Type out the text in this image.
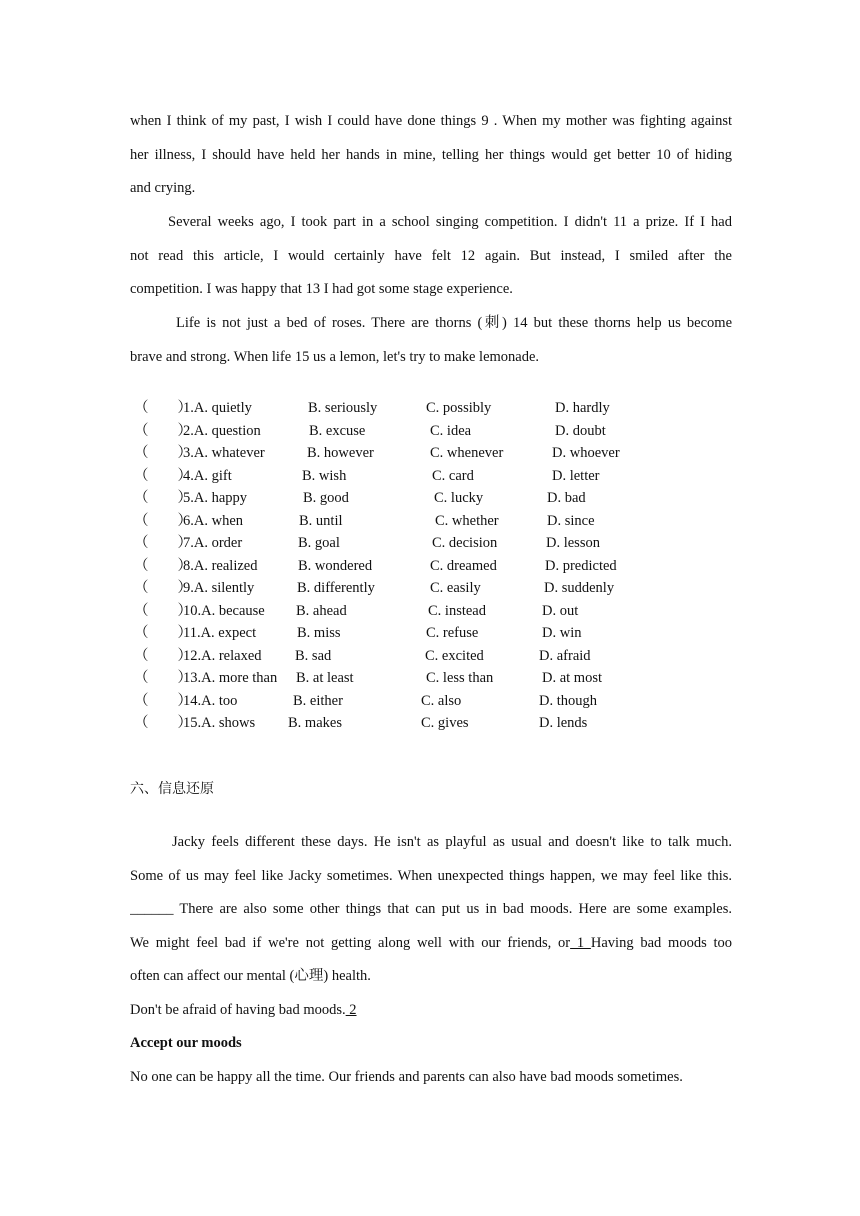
when I think of my past, I wish I could have done things 9 . When my mother was fighting against
her illness, I should have held her hands in mine, telling her things would get better 10 of hiding
and crying.
Several weeks ago, I took part in a school singing competition. I didn't 11 a prize. If I had
not read this article, I would certainly have felt 12 again. But instead, I smiled after the
competition. I was happy that 13 I had got some stage experience.
Life is not just a bed of roses. There are thorns (刺) 14 but these thorns help us become
brave and strong. When life 15 us a lemon, let's try to make lemonade.
（　　）
1.A. quietly	B. seriously	C. possibly	D. hardly
（　　）
2.A. question	B. excuse	C. idea	D. doubt
（　　）
3.A. whatever	B. however	C. whenever	D. whoever
（　　）
4.A. gift	B. wish	C. card	D. letter
（　　）
5.A. happy	B. good	C. lucky	D. bad
（　　）
6.A. when	B. until	C. whether	D. since
（　　）
7.A. order	B. goal	C. decision	D. lesson
（　　）
8.A. realized	B. wondered	C. dreamed	D. predicted
（　　）
9.A. silently	B. differently	C. easily	D. suddenly
（　　）
10.A. because B. ahead	C. instead	D. out
（　　）
11.A. expect	B. miss	C. refuse	D. win
（　　）
12.A. relaxed B. sad	C. excited	D. afraid
（　　）
13.A. more than B. at least	C. less than	D. at most
（　　）
14.A. too	B. either	C. also	D. though
（　　）
15.A. shows B. makes	C. gives	D. lends
六、信息还原
Jacky feels different these days. He isn't as playful as usual and doesn't like to talk much.
Some of us may feel like Jacky sometimes. When unexpected things happen, we may feel like this.
______ There are also some other things that can put us in bad moods. Here are some examples.
We might feel bad if we're not getting along well with our friends, or 1 Having bad moods too
often can affect our mental (心理) health.
Don't be afraid of having bad moods. 2
Accept our moods
No one can be happy all the time. Our friends and parents can also have bad moods sometimes.
